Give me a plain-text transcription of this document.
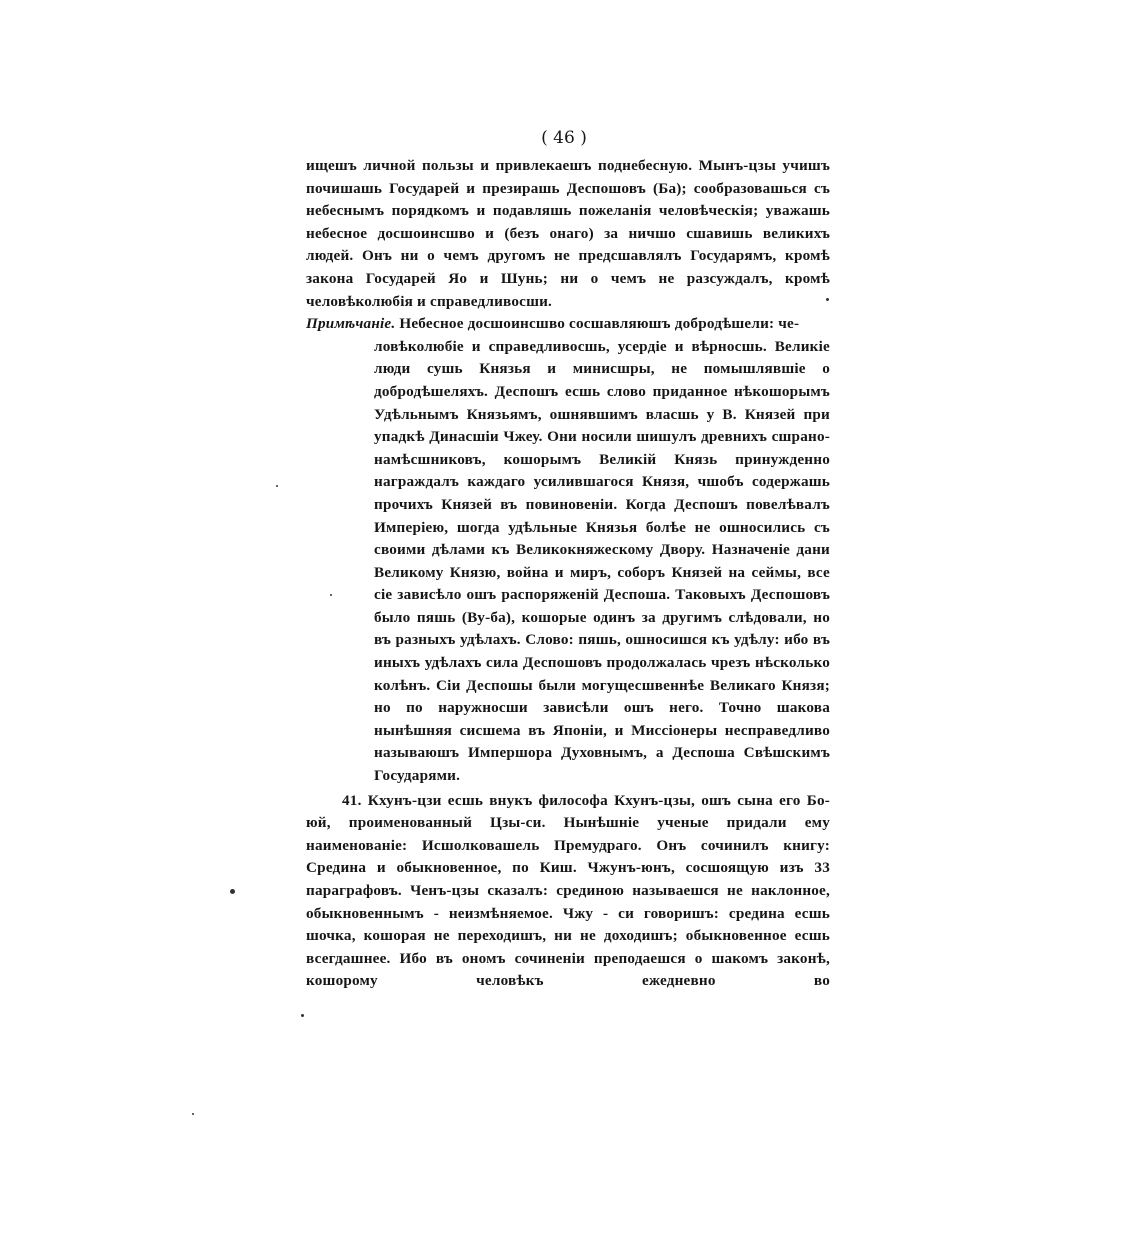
( 46 )

ищешъ личной пользы и привлекаешъ поднебесную. Мынъ-цзы учишъ почишашь Государей и презирашь Деспошовъ (Ба); сообразовашься съ небеснымъ порядкомъ и подавляшь пожеланія человѣческія; уважашь небесное досшоинсшво и (безъ онаго) за ничшо сшавишь великихъ людей. Онъ ни о чемъ другомъ не предсшавлялъ Государямъ, кромѣ закона Государей Яо и Шунь; ни о чемъ не разсуждалъ, кромѣ человѣколюбія и справедливосши.

Примѣчаніе. Небесное досшоинсшво сосшавляюшъ добродѣшели: че-

ловѣколюбіе и справедливосшь, усердіе и вѣрносшь. Великіе люди сушь Князья и минисшры, не помышлявшіе о добродѣшеляхъ. Деспошъ есшь слово приданное нѣкошорымъ Удѣльнымъ Князьямъ, ошнявшимъ власшь у В. Князей при упадкѣ Динасшіи Чжеу. Они носили шишулъ древнихъ сшрано-намѣсшниковъ, кошорымъ Великій Князь принужденно награждалъ каждаго усилившагося Князя, чшобъ содержашь прочихъ Князей въ повиновеніи. Когда Деспошъ повелѣвалъ Имперіею, шогда удѣльные Князья болѣе не ошносились съ своими дѣлами къ Великокняжескому Двору. Назначеніе дани Великому Князю, война и миръ, соборъ Князей на сеймы, все сіе зависѣло ошъ распоряженій Деспоша. Таковыхъ Деспошовъ было пяшь (Ву-ба), кошорые одинъ за другимъ слѣдовали, но въ разныхъ удѣлахъ. Слово: пяшь, ошносишся къ удѣлу: ибо въ иныхъ удѣлахъ сила Деспошовъ продолжалась чрезъ нѣсколько колѣнъ. Сіи Деспошы были могущесшвеннѣе Великаго Князя; но по наружносши зависѣли ошъ него. Точно шакова нынѣшняя сисшема въ Японіи, и Миссіонеры несправедливо называюшъ Импершора Духовнымъ, а Деспоша Свѣшскимъ Государями.

41. Кхунъ-цзи есшь внукъ философа Кхунъ-цзы, ошъ сына его Бо-юй, проименованный Цзы-си. Нынѣшніе ученые придали ему наименованіе: Исшолковашель Премудраго. Онъ сочинилъ книгу: Средина и обыкновенное, по Киш. Чжунъ-юнъ, сосшоящую изъ 33 параграфовъ. Ченъ-цзы сказалъ: срединою называешся не наклонное, обыкновеннымъ - неизмѣняемое. Чжу - си говоришъ: средина есшь шочка, кошорая не переходишъ, ни не доходишъ; обыкновенное есшь всегдашнее. Ибо въ ономъ сочиненіи преподаешся о шакомъ законѣ, кошорому человѣкъ ежедневно во
